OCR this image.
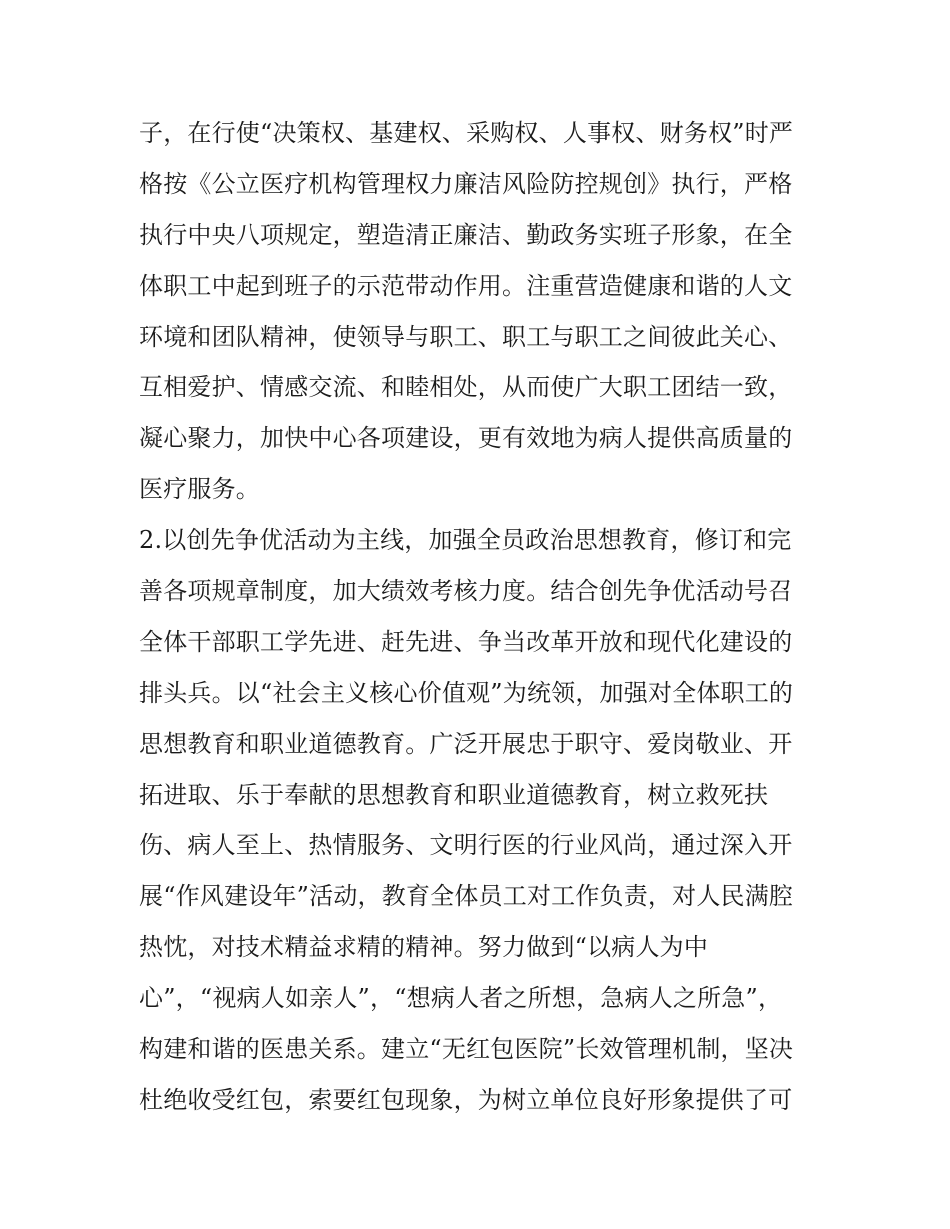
子，在行使“决策权、基建权、采购权、人事权、财务权”时严
格按《公立医疗机构管理权力廉洁风险防控规创》执行，严格
执行中央八项规定，塑造清正廉洁、勤政务实班子形象，在全
体职工中起到班子的示范带动作用。注重营造健康和谐的人文
环境和团队精神，使领导与职工、职工与职工之间彼此关心、
互相爱护、情感交流、和睦相处，从而使广大职工团结一致，
凝心聚力，加快中心各项建设，更有效地为病人提供高质量的
医疗服务。
2.以创先争优活动为主线，加强全员政治思想教育，修订和完
善各项规章制度，加大绩效考核力度。结合创先争优活动号召
全体干部职工学先进、赶先进、争当改革开放和现代化建设的
排头兵。以“社会主义核心价值观”为统领，加强对全体职工的
思想教育和职业道德教育。广泛开展忠于职守、爱岗敬业、开
拓进取、乐于奉献的思想教育和职业道德教育，树立救死扶
伤、病人至上、热情服务、文明行医的行业风尚，通过深入开
展“作风建设年”活动，教育全体员工对工作负责，对人民满腔
热忱，对技术精益求精的精神。努力做到“以病人为中
心”，“视病人如亲人”，“想病人者之所想，急病人之所急”，
构建和谐的医患关系。建立“无红包医院”长效管理机制，坚决
杜绝收受红包，索要红包现象，为树立单位良好形象提供了可
